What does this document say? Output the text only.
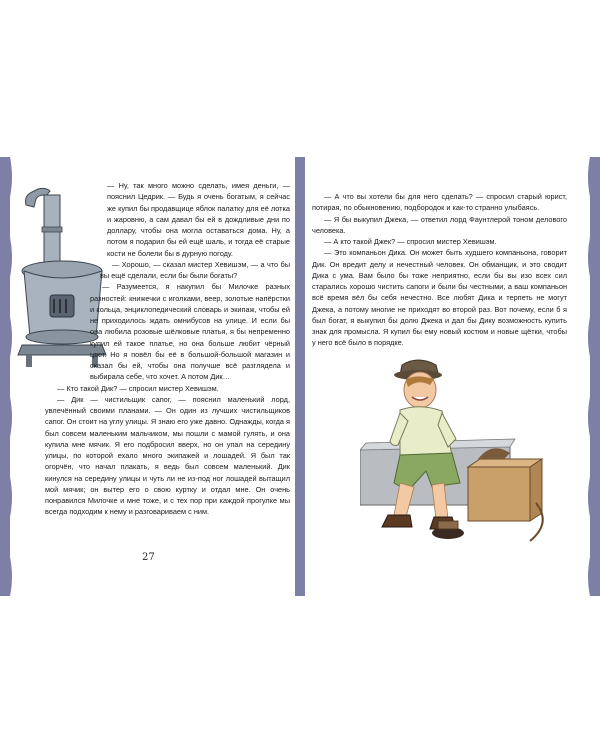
— Ну, так много можно сделать, имея деньги, — пояснил Цедрик. — Будь я очень богатым, я сейчас же купил бы продавщице яблок палатку для её лотка и жаровню, а сам давал бы ей в дождливые дни по доллару, чтобы она могла оставаться дома. Ну, а потом я подарил бы ей ещё шаль, и тогда её старые кости не болели бы в дурную погоду.

— Хорошо, — сказал мистер Хевишэм, — а что бы вы ещё сделали, если бы были богаты?

— Разумеется, я накупил бы Милочке разных разностей: книжечки с иголками, веер, золотые напёрстки и кольца, энциклопедический словарь и экипаж, чтобы ей не приходилось ждать омнибусов на улице. И если бы она любила розовые шёлковые платья, я бы непременно купил ей такое платье, но она больше любит чёрный цвет. Но я повёл бы её в большой-большой магазин и сказал бы ей, чтобы она получше всё разглядела и выбирала себе, что хочет. А потом Дик…

— Кто такой Дик? — спросил мистер Хевишэм.

— Дик — чистильщик сапог, — пояснил маленький лорд, увлечённый своими планами. — Он один из лучших чистильщиков сапог. Он стоит на углу улицы. Я знаю его уже давно. Однажды, когда я был совсем маленьким мальчиком, мы пошли с мамой гулять, и она купила мне мячик. Я его подбросил вверх, но он упал на середину улицы, по которой ехало много экипажей и лошадей. Я был так огорчён, что начал плакать, я ведь был совсем маленький. Дик кинулся на середину улицы и чуть ли не из-под ног лошадей вытащил мой мячик; он вытер его о свою куртку и отдал мне. Он очень понравился Милочке и мне тоже, и с тех пор при каждой прогулке мы всегда подходим к нему и разговариваем с ним.

27

— А что вы хотели бы для него сделать? — спросил старый юрист, потирая, по обыкновению, подбородок и как-то странно улыбаясь.

— Я бы выкупил Джека, — ответил лорд Фаунтлерой тоном делового человека.

— А кто такой Джек? — спросил мистер Хевишэм.

— Это компаньон Дика. Он может быть худшего компаньона, говорит Дик. Он вредит делу и нечестный человек. Он обманщик, и это сводит Дика с ума. Вам было бы тоже неприятно, если бы вы изо всех сил старались хорошо чистить сапоги и были бы честными, а ваш компаньон всё время вёл бы себя нечестно. Все любят Дика и терпеть не могут Джека, а потому многие не приходят во второй раз. Вот почему, если б я был богат, я выкупил бы долю Джека и дал бы Дику возможность купить знак для промысла. Я купил бы ему новый костюм и новые щётки, чтобы у него всё было в порядке.
